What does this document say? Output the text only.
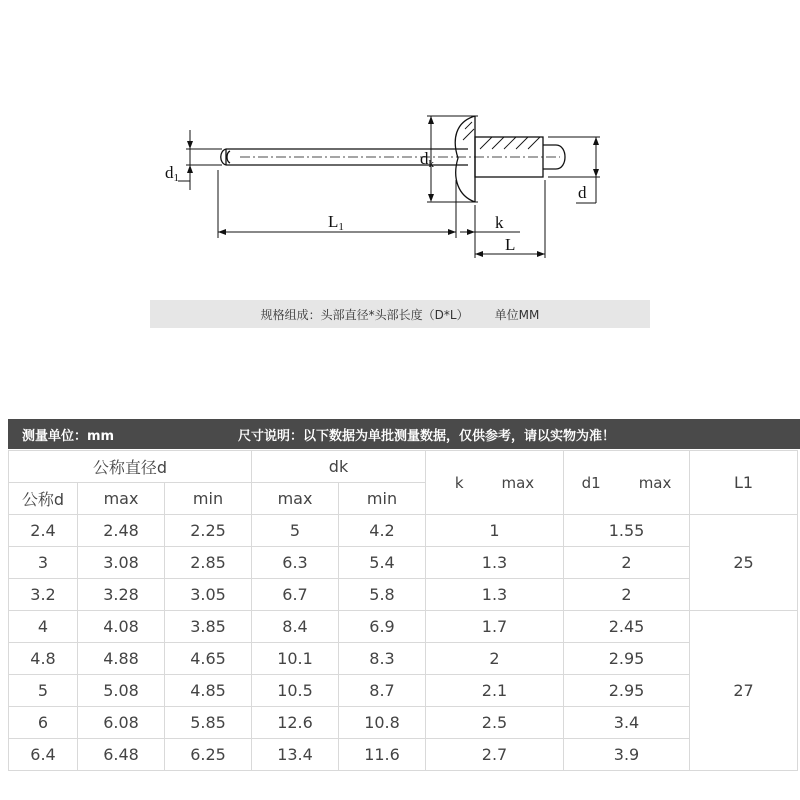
d1
dk
L1	k
L
d
规格组成：头部直径*头部长度（D*L） 单位MM
测量单位：mm	尺寸说明：以下数据为单批测量数据，仅供参考，请以实物为准！
公称直径d			dk		k max	d1 max	L1
公称d	max	min	max	min			
2.4	2.48	2.25	5	4.2	1	1.55	25
3	3.08	2.85	6.3	5.4	1.3	2	
3.2	3.28	3.05	6.7	5.8	1.3	2	
4	4.08	3.85	8.4	6.9	1.7	2.45	27
4.8	4.88	4.65	10.1	8.3	2	2.95	
5	5.08	4.85	10.5	8.7	2.1	2.95	
6	6.08	5.85	12.6	10.8	2.5	3.4	
6.4	6.48	6.25	13.4	11.6	2.7	3.9	
